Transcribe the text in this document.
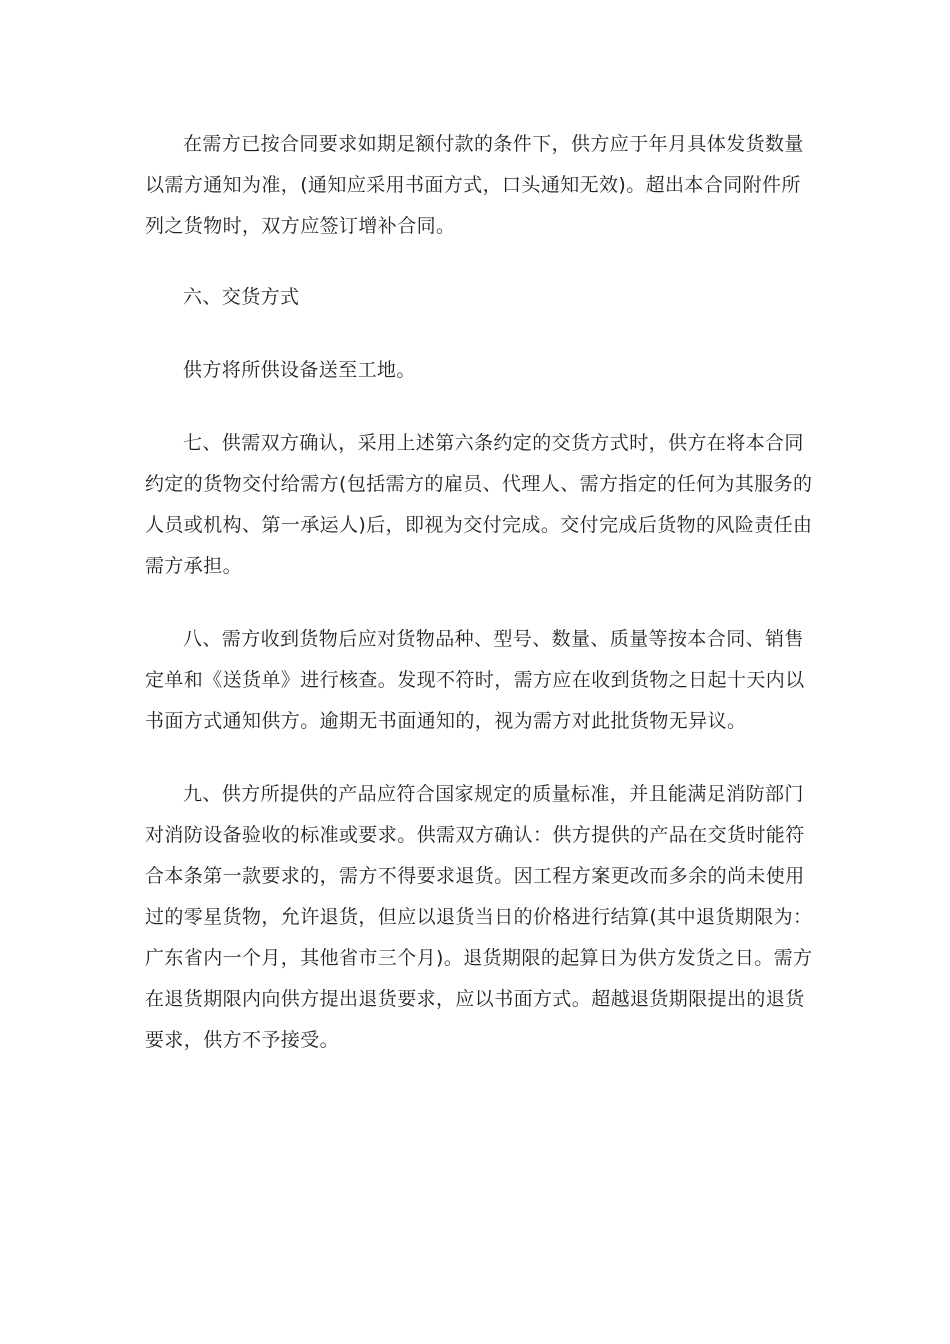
在需方已按合同要求如期足额付款的条件下，供方应于年月具体发货数量
以需方通知为准，(通知应采用书面方式，口头通知无效)。超出本合同附件所
列之货物时，双方应签订增补合同。

六、交货方式

供方将所供设备送至工地。

七、供需双方确认，采用上述第六条约定的交货方式时，供方在将本合同
约定的货物交付给需方(包括需方的雇员、代理人、需方指定的任何为其服务的
人员或机构、第一承运人)后，即视为交付完成。交付完成后货物的风险责任由
需方承担。

八、需方收到货物后应对货物品种、型号、数量、质量等按本合同、销售
定单和《送货单》进行核查。发现不符时，需方应在收到货物之日起十天内以
书面方式通知供方。逾期无书面通知的，视为需方对此批货物无异议。

九、供方所提供的产品应符合国家规定的质量标准，并且能满足消防部门
对消防设备验收的标准或要求。供需双方确认：供方提供的产品在交货时能符
合本条第一款要求的，需方不得要求退货。因工程方案更改而多余的尚未使用
过的零星货物，允许退货，但应以退货当日的价格进行结算(其中退货期限为：
广东省内一个月，其他省市三个月)。退货期限的起算日为供方发货之日。需方
在退货期限内向供方提出退货要求，应以书面方式。超越退货期限提出的退货
要求，供方不予接受。
